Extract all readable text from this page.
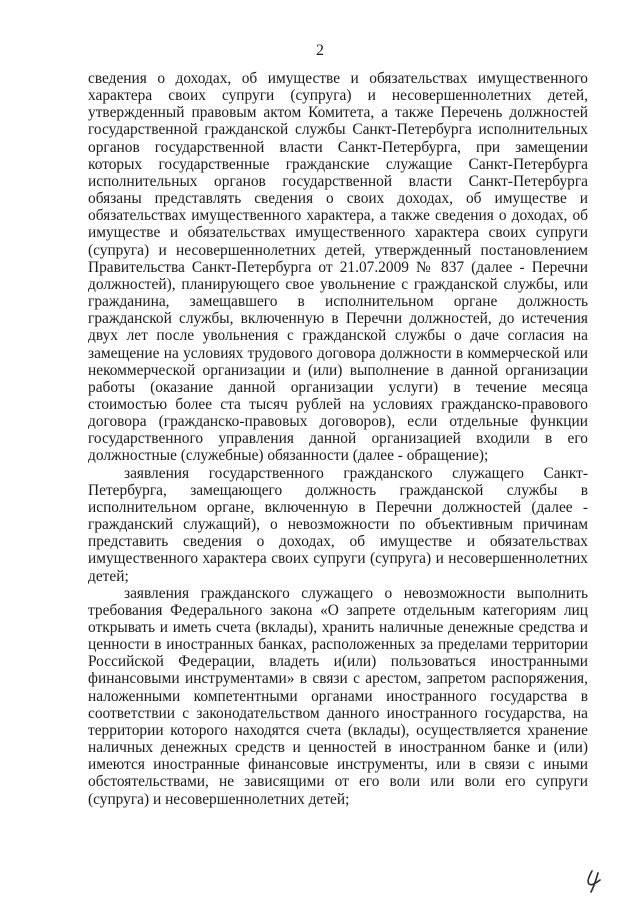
2

сведения о доходах, об имуществе и обязательствах имущественного характера своих супруги (супруга) и несовершеннолетних детей, утвержденный правовым актом Комитета, а также Перечень должностей государственной гражданской службы Санкт-Петербурга исполнительных органов государственной власти Санкт-Петербурга, при замещении которых государственные гражданские служащие Санкт-Петербурга исполнительных органов государственной власти Санкт-Петербурга обязаны представлять сведения о своих доходах, об имуществе и обязательствах имущественного характера, а также сведения о доходах, об имуществе и обязательствах имущественного характера своих супруги (супруга) и несовершеннолетних детей, утвержденный постановлением Правительства Санкт-Петербурга от 21.07.2009 № 837 (далее - Перечни должностей), планирующего свое увольнение с гражданской службы, или гражданина, замещавшего в исполнительном органе должность гражданской службы, включенную в Перечни должностей, до истечения двух лет после увольнения с гражданской службы о даче согласия на замещение на условиях трудового договора должности в коммерческой или некоммерческой организации и (или) выполнение в данной организации работы (оказание данной организации услуги) в течение месяца стоимостью более ста тысяч рублей на условиях гражданско-правового договора (гражданско-правовых договоров), если отдельные функции государственного управления данной организацией входили в его должностные (служебные) обязанности (далее - обращение);

заявления государственного гражданского служащего Санкт-Петербурга, замещающего должность гражданской службы в исполнительном органе, включенную в Перечни должностей (далее - гражданский служащий), о невозможности по объективным причинам представить сведения о доходах, об имуществе и обязательствах имущественного характера своих супруги (супруга) и несовершеннолетних детей;

заявления гражданского служащего о невозможности выполнить требования Федерального закона «О запрете отдельным категориям лиц открывать и иметь счета (вклады), хранить наличные денежные средства и ценности в иностранных банках, расположенных за пределами территории Российской Федерации, владеть и(или) пользоваться иностранными финансовыми инструментами» в связи с арестом, запретом распоряжения, наложенными компетентными органами иностранного государства в соответствии с законодательством данного иностранного государства, на территории которого находятся счета (вклады), осуществляется хранение наличных денежных средств и ценностей в иностранном банке и (или) имеются иностранные финансовые инструменты, или в связи с иными обстоятельствами, не зависящими от его воли или воли его супруги (супруга) и несовершеннолетних детей;
